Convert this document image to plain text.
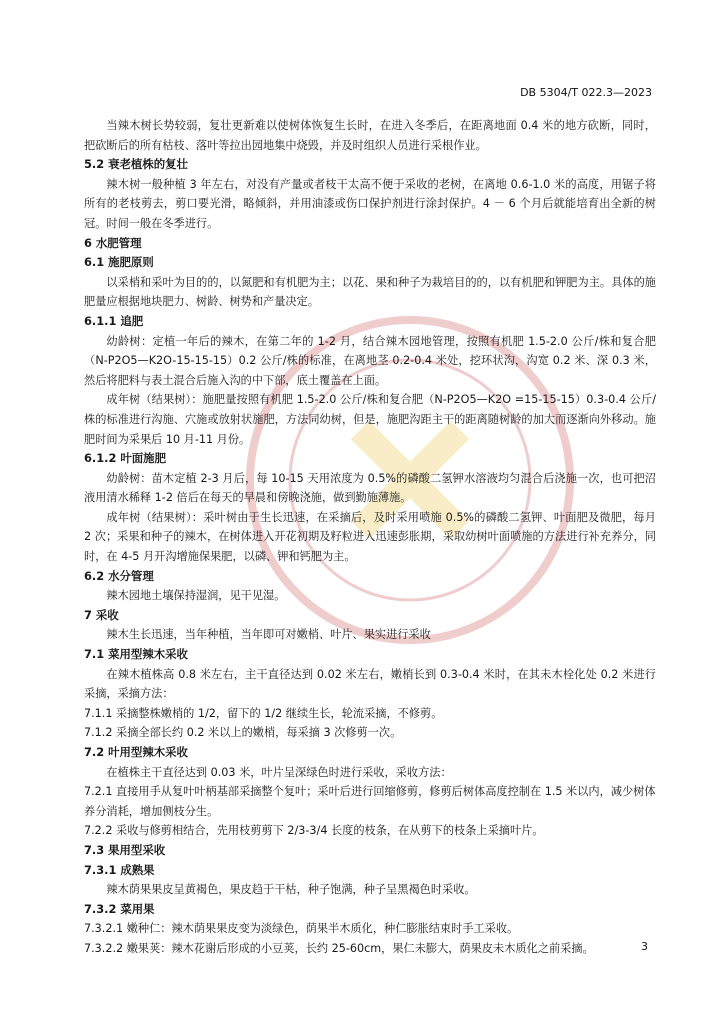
DB 5304/T 022.3—2023
当辣木树长势较弱，复壮更新难以使树体恢复生长时，在进入冬季后，在距离地面 0.4 米的地方砍断，同时，把砍断后的所有枯枝、落叶等拉出园地集中烧毁，并及时组织人员进行采根作业。
5.2 衰老植株的复壮
辣木树一般种植 3 年左右，对没有产量或者枝干太高不便于采收的老树，在离地 0.6-1.0 米的高度，用锯子将所有的老枝剪去，剪口要光滑，略倾斜，并用油漆或伤口保护剂进行涂封保护。4 － 6 个月后就能培育出全新的树冠。时间一般在冬季进行。
6 水肥管理
6.1 施肥原则
以采梢和采叶为目的的，以氮肥和有机肥为主；以花、果和种子为栽培目的的，以有机肥和钾肥为主。具体的施肥量应根据地块肥力、树龄、树势和产量决定。
6.1.1 追肥
幼龄树：定植一年后的辣木，在第二年的 1-2 月，结合辣木园地管理，按照有机肥 1.5-2.0 公斤/株和复合肥（N-P2O5—K2O-15-15-15）0.2 公斤/株的标准，在离地茎 0.2-0.4 米处，挖环状沟，沟宽 0.2 米、深 0.3 米，然后将肥料与表土混合后施入沟的中下部，底土覆盖在上面。
成年树（结果树）：施肥量按照有机肥 1.5-2.0 公斤/株和复合肥（N-P2O5—K2O =15-15-15）0.3-0.4 公斤/株的标准进行沟施、穴施或放射状施肥，方法同幼树，但是，施肥沟距主干的距离随树龄的加大而逐渐向外移动。施肥时间为采果后 10 月-11 月份。
6.1.2 叶面施肥
幼龄树：苗木定植 2-3 月后，每 10-15 天用浓度为 0.5%的磷酸二氢钾水溶液均匀混合后浇施一次，也可把沼液用清水稀释 1-2 倍后在每天的早晨和傍晚浇施，做到勤施薄施。
成年树（结果树）：采叶树由于生长迅速，在采摘后，及时采用喷施 0.5%的磷酸二氢钾、叶面肥及微肥，每月 2 次；采果和种子的辣木，在树体进入开花初期及籽粒进入迅速彭胀期，采取幼树叶面喷施的方法进行补充养分，同时，在 4-5 月开沟增施保果肥，以磷、钾和钙肥为主。
6.2 水分管理
辣木园地土壤保持湿润，见干见湿。
7 采收
辣木生长迅速，当年种植，当年即可对嫩梢、叶片、果实进行采收
7.1 菜用型辣木采收
在辣木植株高 0.8 米左右，主干直径达到 0.02 米左右，嫩梢长到 0.3-0.4 米时，在其未木栓化处 0.2 米进行采摘，采摘方法：
7.1.1 采摘整株嫩梢的 1/2，留下的 1/2 继续生长，轮流采摘，不修剪。
7.1.2 采摘全部长约 0.2 米以上的嫩梢，每采摘 3 次修剪一次。
7.2 叶用型辣木采收
在植株主干直径达到 0.03 米，叶片呈深绿色时进行采收，采收方法：
7.2.1 直接用手从复叶叶柄基部采摘整个复叶；采叶后进行回缩修剪，修剪后树体高度控制在 1.5 米以内，减少树体养分消耗，增加侧枝分生。
7.2.2 采收与修剪相结合，先用枝剪剪下 2/3-3/4 长度的枝条，在从剪下的枝条上采摘叶片。
7.3 果用型采收
7.3.1 成熟果
辣木荫果果皮呈黄褐色，果皮趋于干枯，种子饱满，种子呈黑褐色时采收。
7.3.2 菜用果
7.3.2.1 嫩种仁：辣木荫果果皮变为淡绿色，荫果半木质化，种仁膨胀结束时手工采收。
7.3.2.2 嫩果荚：辣木花谢后形成的小豆荚，长约 25-60cm，果仁未膨大，荫果皮未木质化之前采摘。	3
